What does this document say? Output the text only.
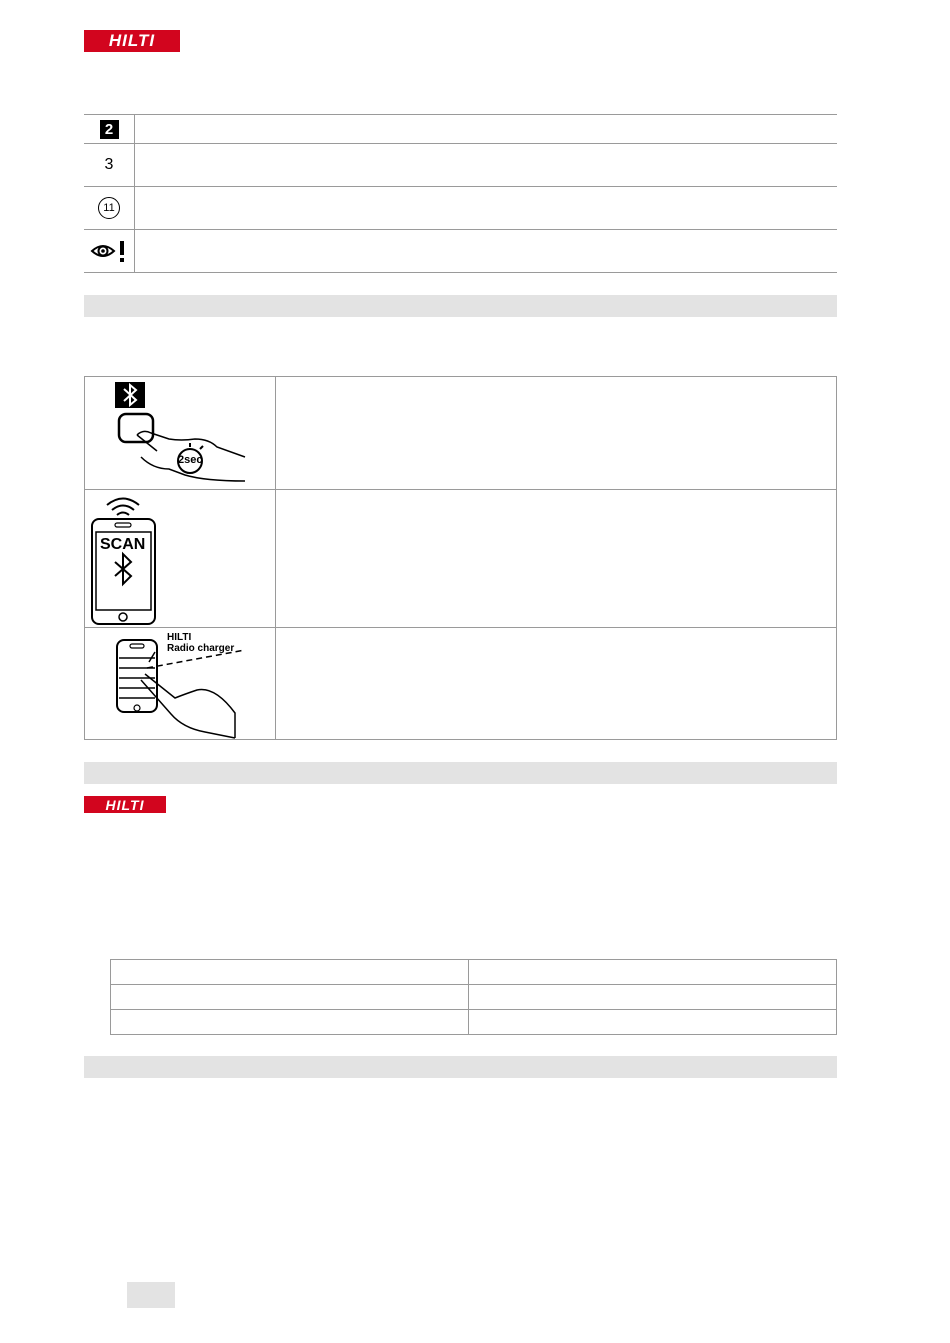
HILTI
2
3
11
2sec
SCAN
HILTI
Radio charger
HILTI
